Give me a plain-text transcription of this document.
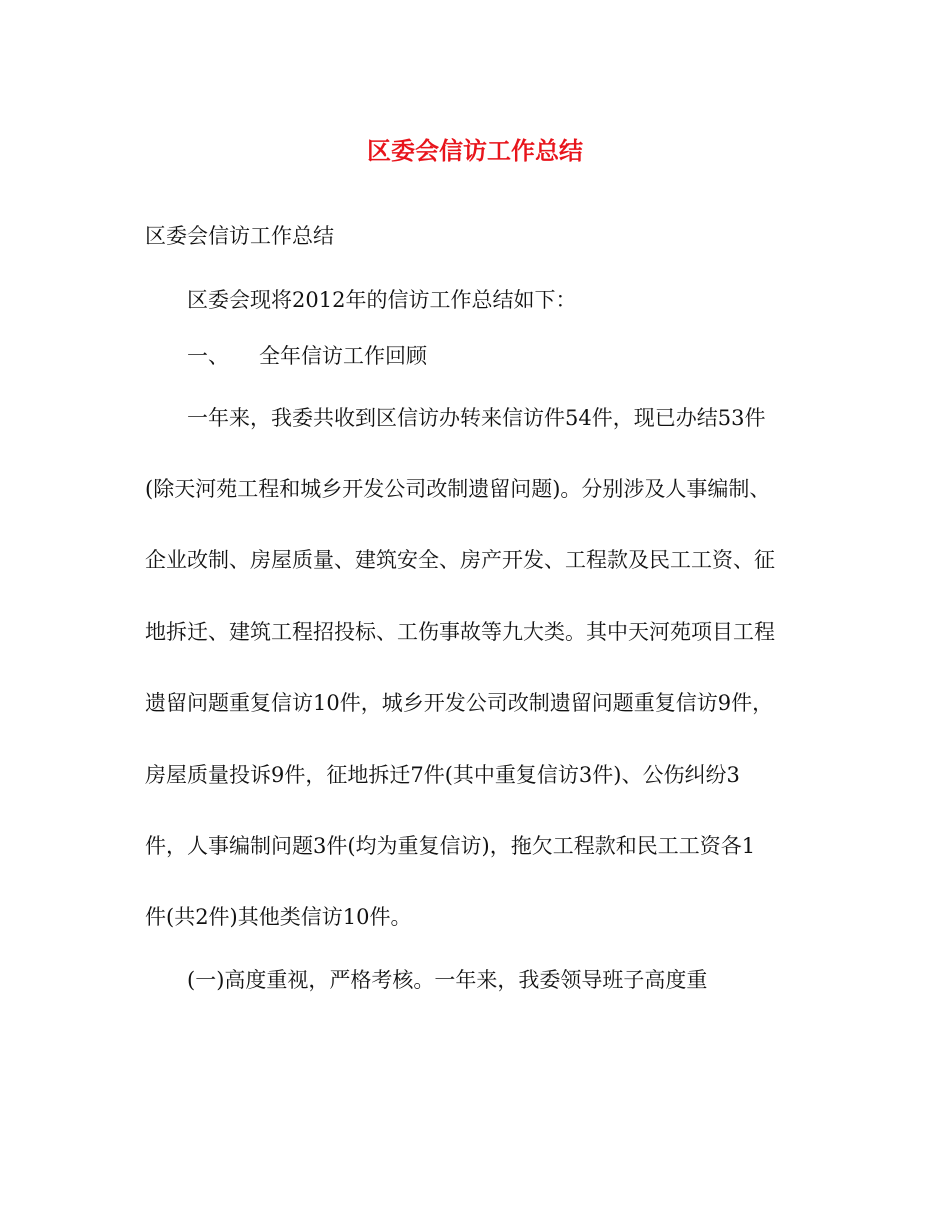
区委会信访工作总结

区委会信访工作总结

区委会现将2012年的信访工作总结如下：

一、 全年信访工作回顾

一年来，我委共收到区信访办转来信访件54件，现已办结53件

(除天河苑工程和城乡开发公司改制遗留问题)。分别涉及人事编制、

企业改制、房屋质量、建筑安全、房产开发、工程款及民工工资、征

地拆迁、建筑工程招投标、工伤事故等九大类。其中天河苑项目工程

遗留问题重复信访10件，城乡开发公司改制遗留问题重复信访9件，

房屋质量投诉9件，征地拆迁7件(其中重复信访3件)、公伤纠纷3

件，人事编制问题3件(均为重复信访)，拖欠工程款和民工工资各1

件(共2件)其他类信访10件。

(一)高度重视，严格考核。一年来，我委领导班子高度重
